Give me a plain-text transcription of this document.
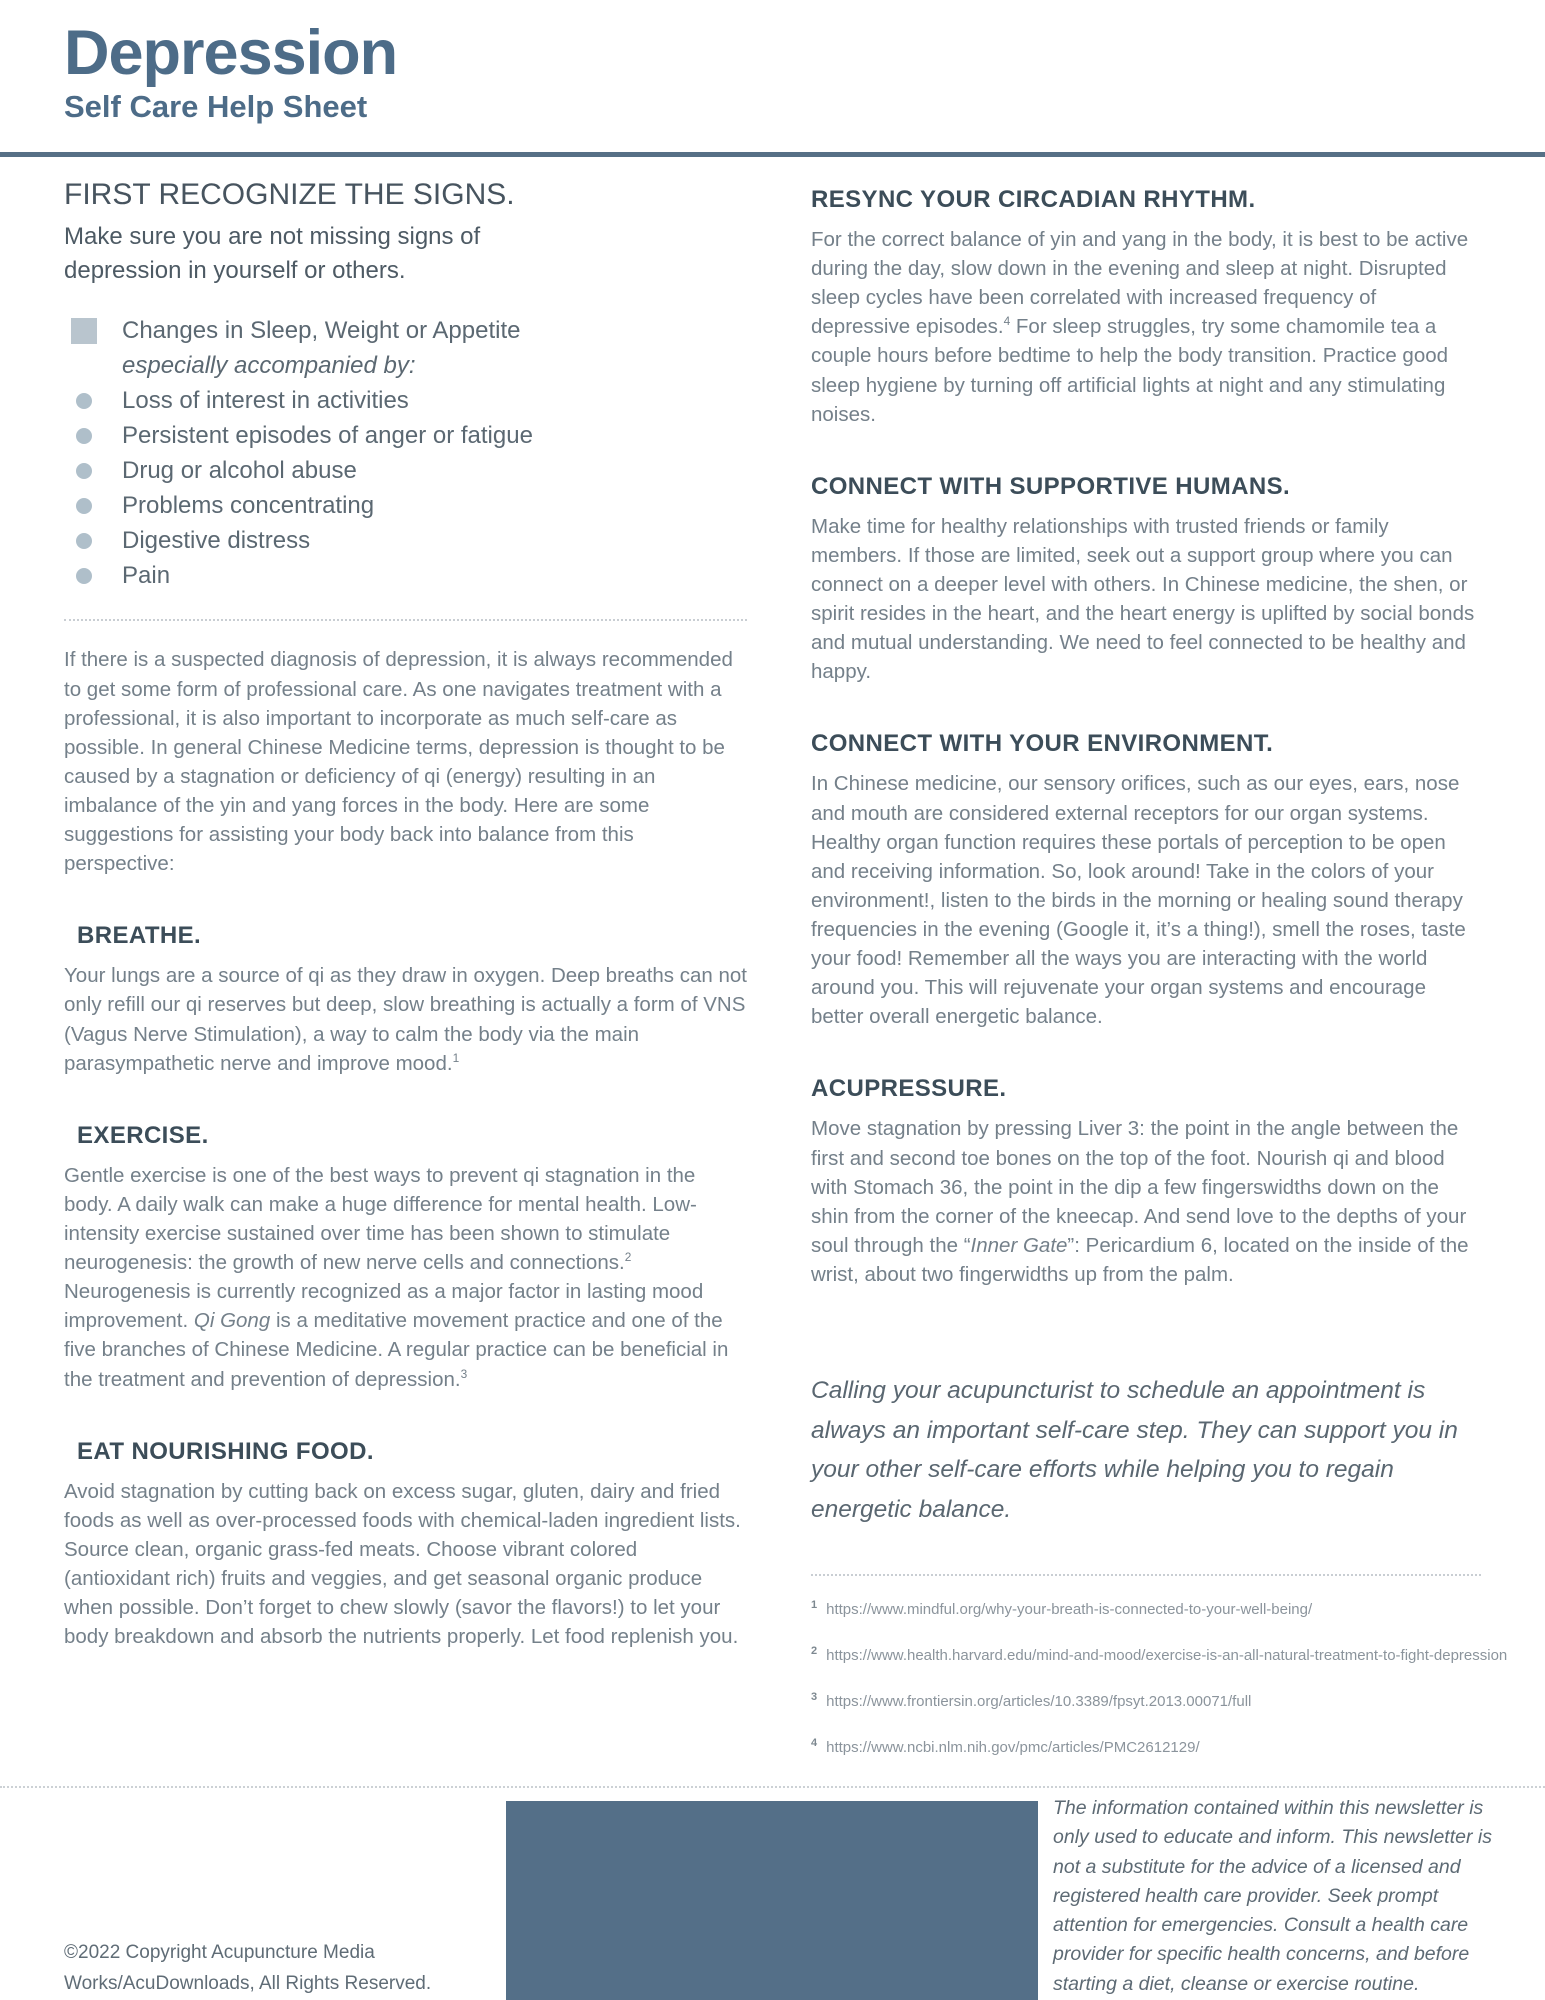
Depression
Self Care Help Sheet
FIRST RECOGNIZE THE SIGNS.
Make sure you are not missing signs of depression in yourself or others.
Changes in Sleep, Weight or Appetite
especially accompanied by:
Loss of interest in activities
Persistent episodes of anger or fatigue
Drug or alcohol abuse
Problems concentrating
Digestive distress
Pain

If there is a suspected diagnosis of depression, it is always recommended to get some form of professional care. As one navigates treatment with a professional, it is also important to incorporate as much self-care as possible. In general Chinese Medicine terms, depression is thought to be caused by a stagnation or deficiency of qi (energy) resulting in an imbalance of the yin and yang forces in the body. Here are some suggestions for assisting your body back into balance from this perspective:

BREATHE.

Your lungs are a source of qi as they draw in oxygen. Deep breaths can not only refill our qi reserves but deep, slow breathing is actually a form of VNS (Vagus Nerve Stimulation), a way to calm the body via the main parasympathetic nerve and improve mood.$^1$

EXERCISE.

Gentle exercise is one of the best ways to prevent qi stagnation in the body. A daily walk can make a huge difference for mental health. Low-intensity exercise sustained over time has been shown to stimulate neurogenesis: the growth of new nerve cells and connections.$^2$ Neurogenesis is currently recognized as a major factor in lasting mood improvement. Qi Gong is a meditative movement practice and one of the five branches of Chinese Medicine. A regular practice can be beneficial in the treatment and prevention of depression.$^3$

EAT NOURISHING FOOD.

Avoid stagnation by cutting back on excess sugar, gluten, dairy and fried foods as well as over-processed foods with chemical-laden ingredient lists. Source clean, organic grass-fed meats. Choose vibrant colored (antioxidant rich) fruits and veggies, and get seasonal organic produce when possible. Don’t forget to chew slowly (savor the flavors!) to let your body breakdown and absorb the nutrients properly. Let food replenish you.

RESYNC YOUR CIRCADIAN RHYTHM.

For the correct balance of yin and yang in the body, it is best to be active during the day, slow down in the evening and sleep at night. Disrupted sleep cycles have been correlated with increased frequency of depressive episodes.$^4$ For sleep struggles, try some chamomile tea a couple hours before bedtime to help the body transition. Practice good sleep hygiene by turning off artificial lights at night and any stimulating noises.

CONNECT WITH SUPPORTIVE HUMANS.

Make time for healthy relationships with trusted friends or family members. If those are limited, seek out a support group where you can connect on a deeper level with others. In Chinese medicine, the shen, or spirit resides in the heart, and the heart energy is uplifted by social bonds and mutual understanding. We need to feel connected to be healthy and happy.

CONNECT WITH YOUR ENVIRONMENT.

In Chinese medicine, our sensory orifices, such as our eyes, ears, nose and mouth are considered external receptors for our organ systems. Healthy organ function requires these portals of perception to be open and receiving information. So, look around! Take in the colors of your environment!, listen to the birds in the morning or healing sound therapy frequencies in the evening (Google it, it’s a thing!), smell the roses, taste your food! Remember all the ways you are interacting with the world around you. This will rejuvenate your organ systems and encourage better overall energetic balance.

ACUPRESSURE.

Move stagnation by pressing Liver 3: the point in the angle between the first and second toe bones on the top of the foot. Nourish qi and blood with Stomach 36, the point in the dip a few fingerswidths down on the shin from the corner of the kneecap. And send love to the depths of your soul through the “Inner Gate”: Pericardium 6, located on the inside of the wrist, about two fingerwidths up from the palm.

Calling your acupuncturist to schedule an appointment is always an important self-care step. They can support you in your other self-care efforts while helping you to regain energetic balance.
$^1$ https://www.mindful.org/why-your-breath-is-connected-to-your-well-being/
$^2$ https://www.health.harvard.edu/mind-and-mood/exercise-is-an-all-natural-treatment-to-fight-depression
$^3$ https://www.frontiersin.org/articles/10.3389/fpsyt.2013.00071/full
$^4$ https://www.ncbi.nlm.nih.gov/pmc/articles/PMC2612129/
©2022 Copyright Acupuncture Media Works/AcuDownloads, All Rights Reserved.
The information contained within this newsletter is only used to educate and inform. This newsletter is not a substitute for the advice of a licensed and registered health care provider. Seek prompt attention for emergencies. Consult a health care provider for specific health concerns, and before starting a diet, cleanse or exercise routine.
